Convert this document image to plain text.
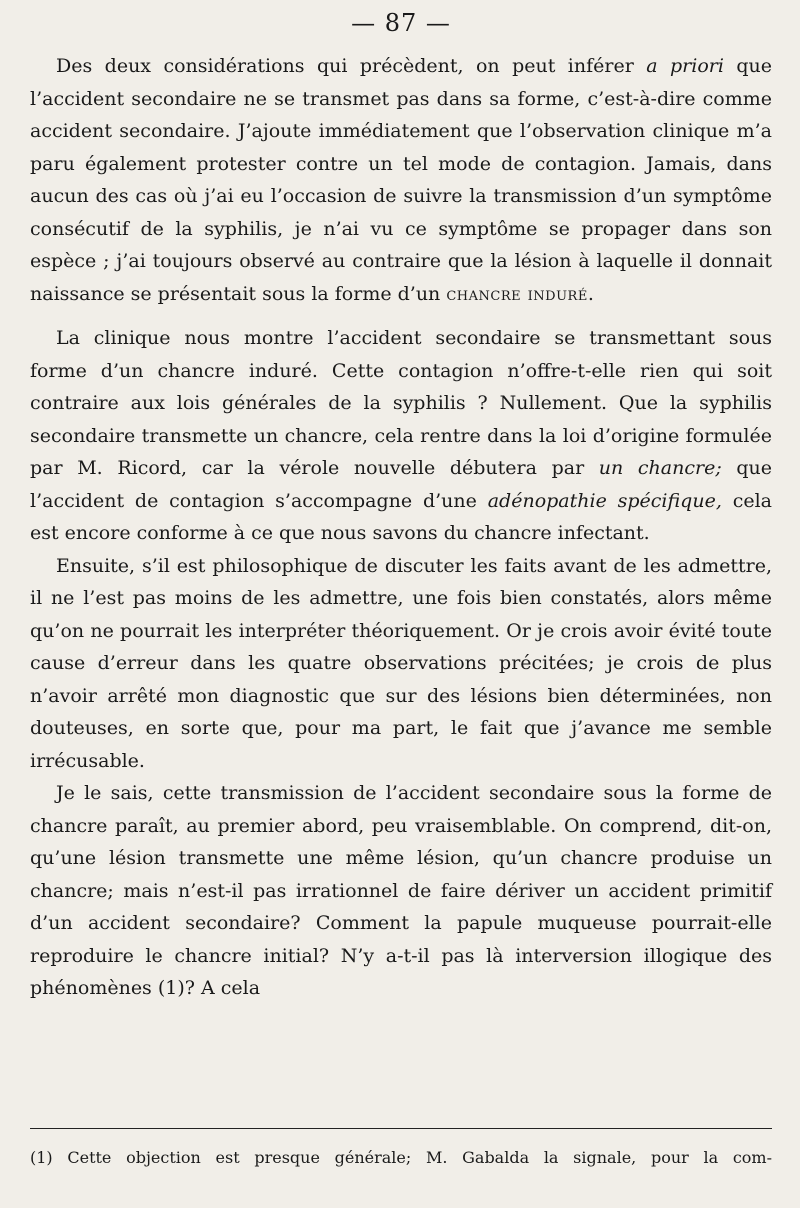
— 87 —

Des deux considérations qui précèdent, on peut inférer a priori que l’accident secondaire ne se transmet pas dans sa forme, c’est-à-dire comme accident secondaire. J’ajoute immédiatement que l’observation clinique m’a paru également protester contre un tel mode de contagion. Jamais, dans aucun des cas où j’ai eu l’occasion de suivre la transmission d’un symptôme consécutif de la syphilis, je n’ai vu ce symptôme se propager dans son espèce ; j’ai toujours observé au contraire que la lésion à laquelle il donnait naissance se présentait sous la forme d’un chancre induré.

La clinique nous montre l’accident secondaire se transmettant sous forme d’un chancre induré. Cette contagion n’offre-t-elle rien qui soit contraire aux lois générales de la syphilis ? Nullement. Que la syphilis secondaire transmette un chancre, cela rentre dans la loi d’origine formulée par M. Ricord, car la vérole nouvelle débutera par un chancre; que l’accident de contagion s’accompagne d’une adénopathie spécifique, cela est encore conforme à ce que nous savons du chancre infectant.

Ensuite, s’il est philosophique de discuter les faits avant de les admettre, il ne l’est pas moins de les admettre, une fois bien constatés, alors même qu’on ne pourrait les interpréter théoriquement. Or je crois avoir évité toute cause d’erreur dans les quatre observations précitées; je crois de plus n’avoir arrêté mon diagnostic que sur des lésions bien déterminées, non douteuses, en sorte que, pour ma part, le fait que j’avance me semble irrécusable.

Je le sais, cette transmission de l’accident secondaire sous la forme de chancre paraît, au premier abord, peu vraisemblable. On comprend, dit-on, qu’une lésion transmette une même lésion, qu’un chancre produise un chancre; mais n’est-il pas irrationnel de faire dériver un accident primitif d’un accident secondaire? Comment la papule muqueuse pourrait-elle reproduire le chancre initial? N’y a-t-il pas là interversion illogique des phénomènes (1)? A cela

(1) Cette objection est presque générale; M. Gabalda la signale, pour la com-
